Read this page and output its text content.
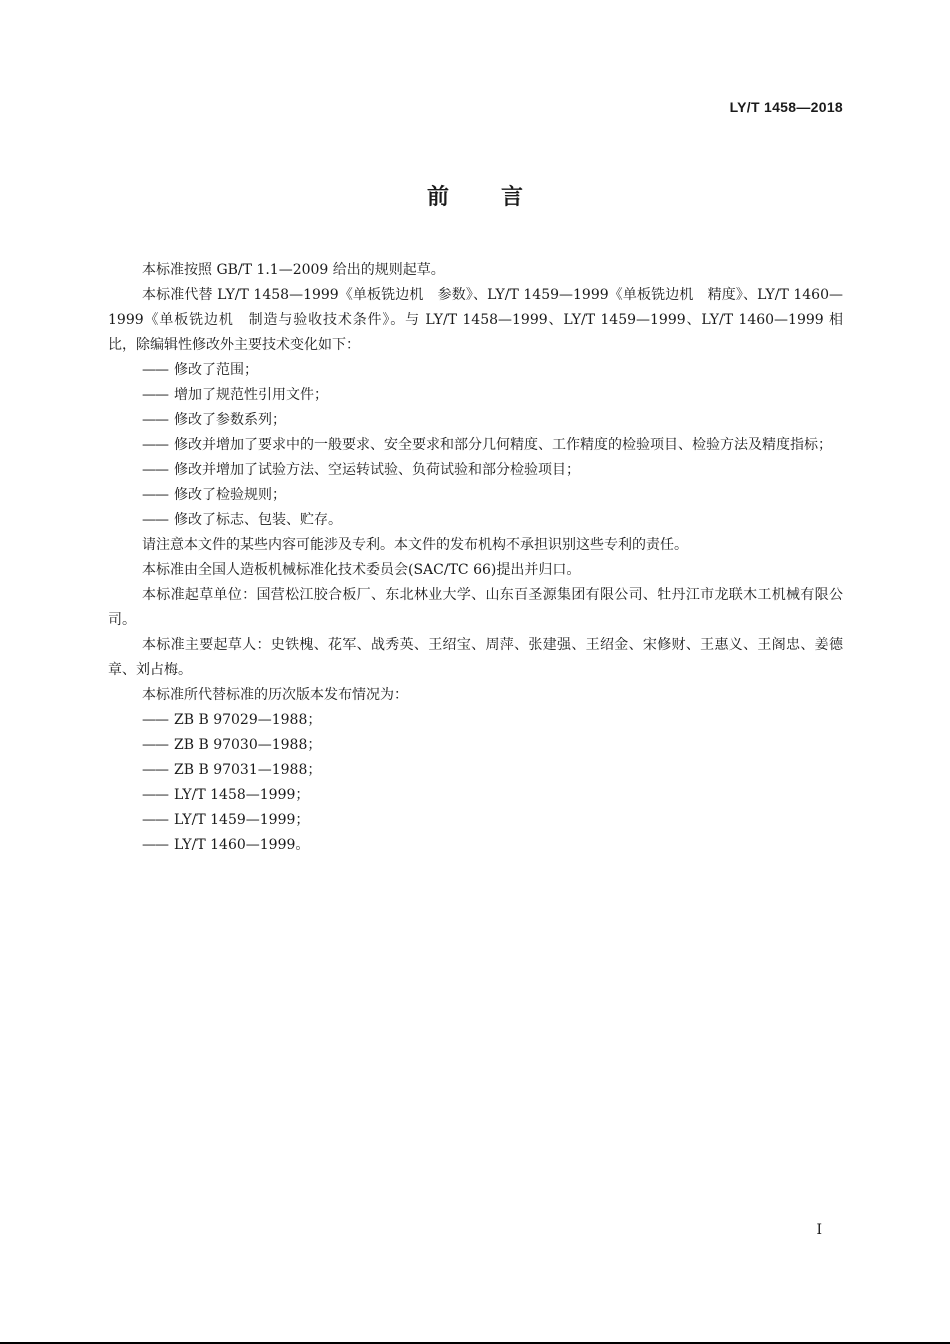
LY/T 1458—2018
前言

本标准按照 GB/T 1.1—2009 给出的规则起草。

本标准代替 LY/T 1458—1999《单板铣边机　参数》、LY/T 1459—1999《单板铣边机　精度》、LY/T 1460—1999《单板铣边机　制造与验收技术条件》。与 LY/T 1458—1999、LY/T 1459—1999、LY/T 1460—1999 相比，除编辑性修改外主要技术变化如下：

—— 修改了范围；

—— 增加了规范性引用文件；

—— 修改了参数系列；

—— 修改并增加了要求中的一般要求、安全要求和部分几何精度、工作精度的检验项目、检验方法及精度指标；

—— 修改并增加了试验方法、空运转试验、负荷试验和部分检验项目；

—— 修改了检验规则；

—— 修改了标志、包装、贮存。

请注意本文件的某些内容可能涉及专利。本文件的发布机构不承担识别这些专利的责任。

本标准由全国人造板机械标准化技术委员会(SAC/TC 66)提出并归口。

本标准起草单位：国营松江胶合板厂、东北林业大学、山东百圣源集团有限公司、牡丹江市龙联木工机械有限公司。

本标准主要起草人：史铁槐、花军、战秀英、王绍宝、周萍、张建强、王绍金、宋修财、王惠义、王阁忠、姜德章、刘占梅。

本标准所代替标准的历次版本发布情况为：

—— ZB B 97029—1988；

—— ZB B 97030—1988；

—— ZB B 97031—1988；

—— LY/T 1458—1999；

—— LY/T 1459—1999；

—— LY/T 1460—1999。

I
